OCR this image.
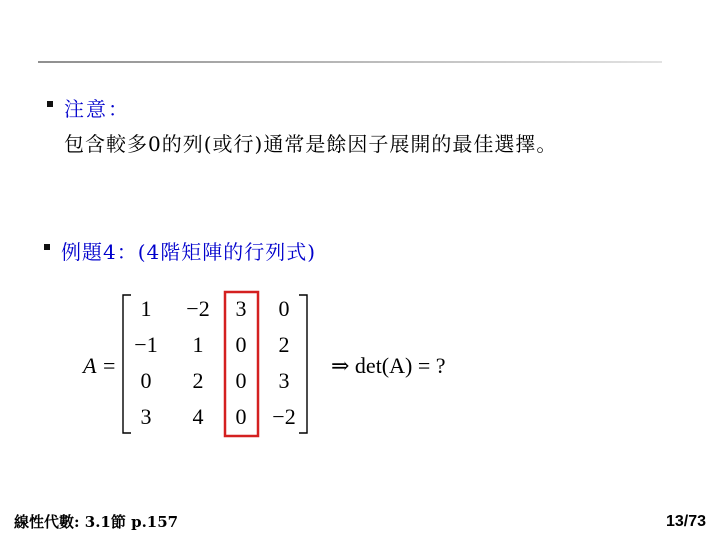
注意：
包含較多0的列(或行)通常是餘因子展開的最佳選擇。
例題4：(4階矩陣的行列式)
A =
1 −2 3 0
−1 1 0 2
0 2 0 3
3 4 0 −2
⇒ det(A) = ?
線性代數: 3.1節 p.157	13/73
